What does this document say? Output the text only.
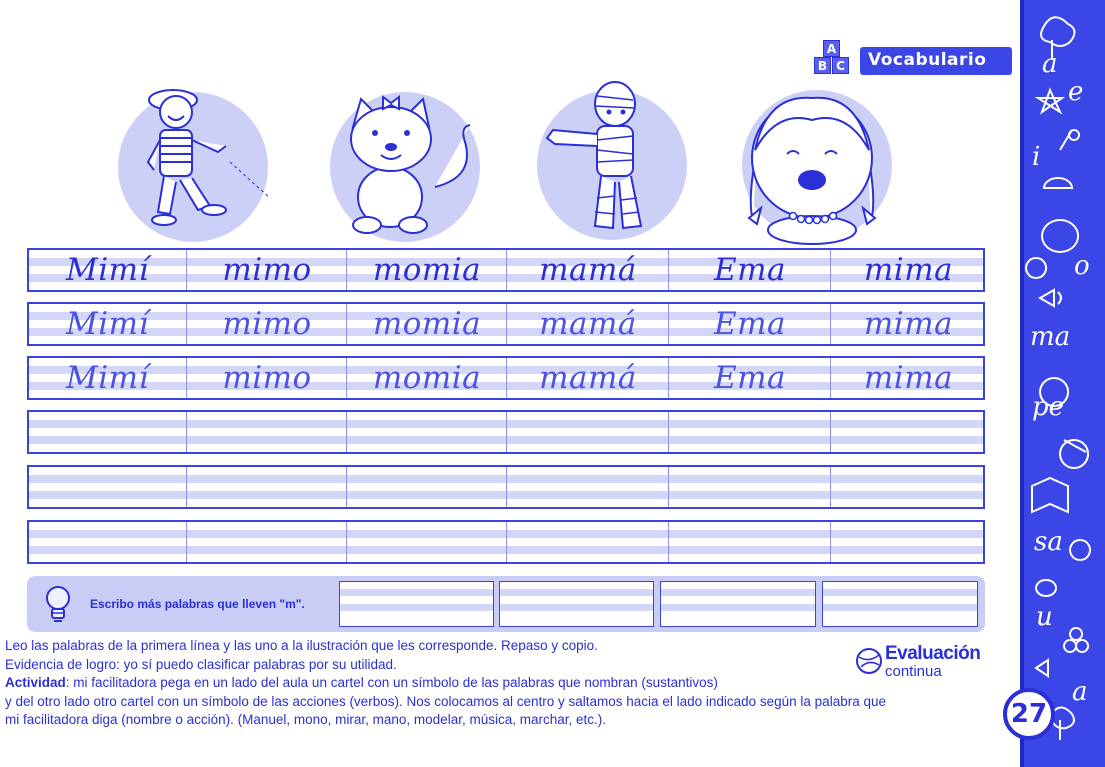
A
B C Vocabulario
Mimí	mimo	momia	mamá	Ema	mima
Mimí	mimo	momia	mamá	Ema	mima
Mimí	mimo	momia	mamá	Ema	mima
Escribo más palabras que lleven "m".
Leo las palabras de la primera línea y las uno a la ilustración que les corresponde. Repaso y copio.
Evidencia de logro: yo sí puedo clasificar palabras por su utilidad.
Actividad: mi facilitadora pega en un lado del aula un cartel con un símbolo de las palabras que nombran (sustantivos)
y del otro lado otro cartel con un símbolo de las acciones (verbos). Nos colocamos al centro y saltamos hacia el lado indicado según la palabra que
mi facilitadora diga (nombre o acción). (Manuel, mono, mirar, mano, modelar, música, marchar, etc.).
Evaluación
continua
a
e
i
o
ma
pe
sa
u
a
27
